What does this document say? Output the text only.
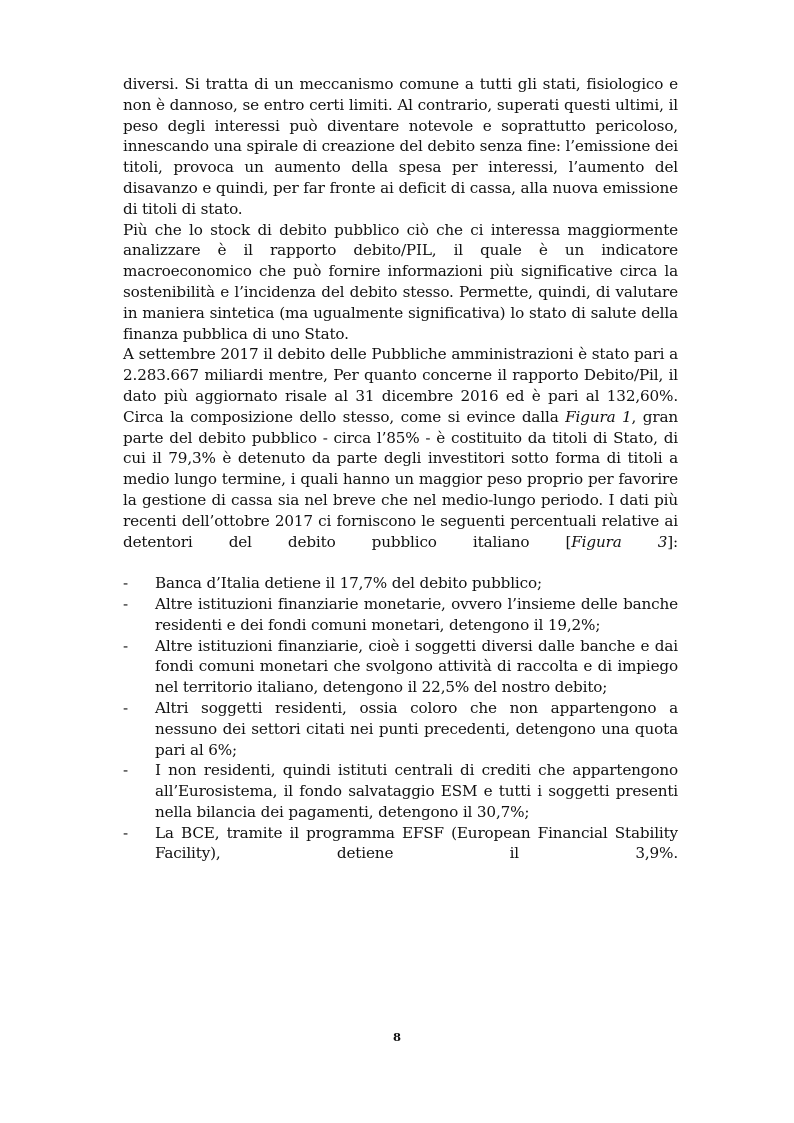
diversi. Si tratta di un meccanismo comune a tutti gli stati, fisiologico e non è dannoso, se entro certi limiti. Al contrario, superati questi ultimi, il peso degli interessi può diventare notevole e soprattutto pericoloso, innescando una spirale di creazione del debito senza fine: l’emissione dei titoli, provoca un aumento della spesa per interessi, l’aumento del disavanzo e quindi, per far fronte ai deficit di cassa, alla nuova emissione di titoli di stato.

Più che lo stock di debito pubblico ciò che ci interessa maggiormente analizzare è il rapporto debito/PIL, il quale è un indicatore macroeconomico che può fornire informazioni più significative circa la sostenibilità e l’incidenza del debito stesso. Permette, quindi, di valutare in maniera sintetica (ma ugualmente significativa) lo stato di salute della finanza pubblica di uno Stato.

A settembre 2017 il debito delle Pubbliche amministrazioni è stato pari a 2.283.667 miliardi mentre, Per quanto concerne il rapporto Debito/Pil, il dato più aggiornato risale al 31 dicembre 2016 ed è pari al 132,60%. Circa la composizione dello stesso, come si evince dalla Figura 1, gran parte del debito pubblico - circa l’85% - è costituito da titoli di Stato, di cui il 79,3% è detenuto da parte degli investitori sotto forma di titoli a medio lungo termine, i quali hanno un maggior peso proprio per favorire la gestione di cassa sia nel breve che nel medio-lungo periodo. I dati più recenti dell’ottobre 2017 ci forniscono le seguenti percentuali relative ai detentori del debito pubblico italiano [Figura 3]:

- Banca d’Italia detiene il 17,7% del debito pubblico;
- Altre istituzioni finanziarie monetarie, ovvero l’insieme delle banche residenti e dei fondi comuni monetari, detengono il 19,2%;
- Altre istituzioni finanziarie, cioè i soggetti diversi dalle banche e dai fondi comuni monetari che svolgono attività di raccolta e di impiego nel territorio italiano, detengono il 22,5% del nostro debito;
- Altri soggetti residenti, ossia coloro che non appartengono a nessuno dei settori citati nei punti precedenti, detengono una quota pari al 6%;
- I non residenti, quindi istituti centrali di crediti che appartengono all’Eurosistema, il fondo salvataggio ESM e tutti i soggetti presenti nella bilancia dei pagamenti, detengono il 30,7%;
- La BCE, tramite il programma EFSF (European Financial Stability Facility), detiene il 3,9%.
8
